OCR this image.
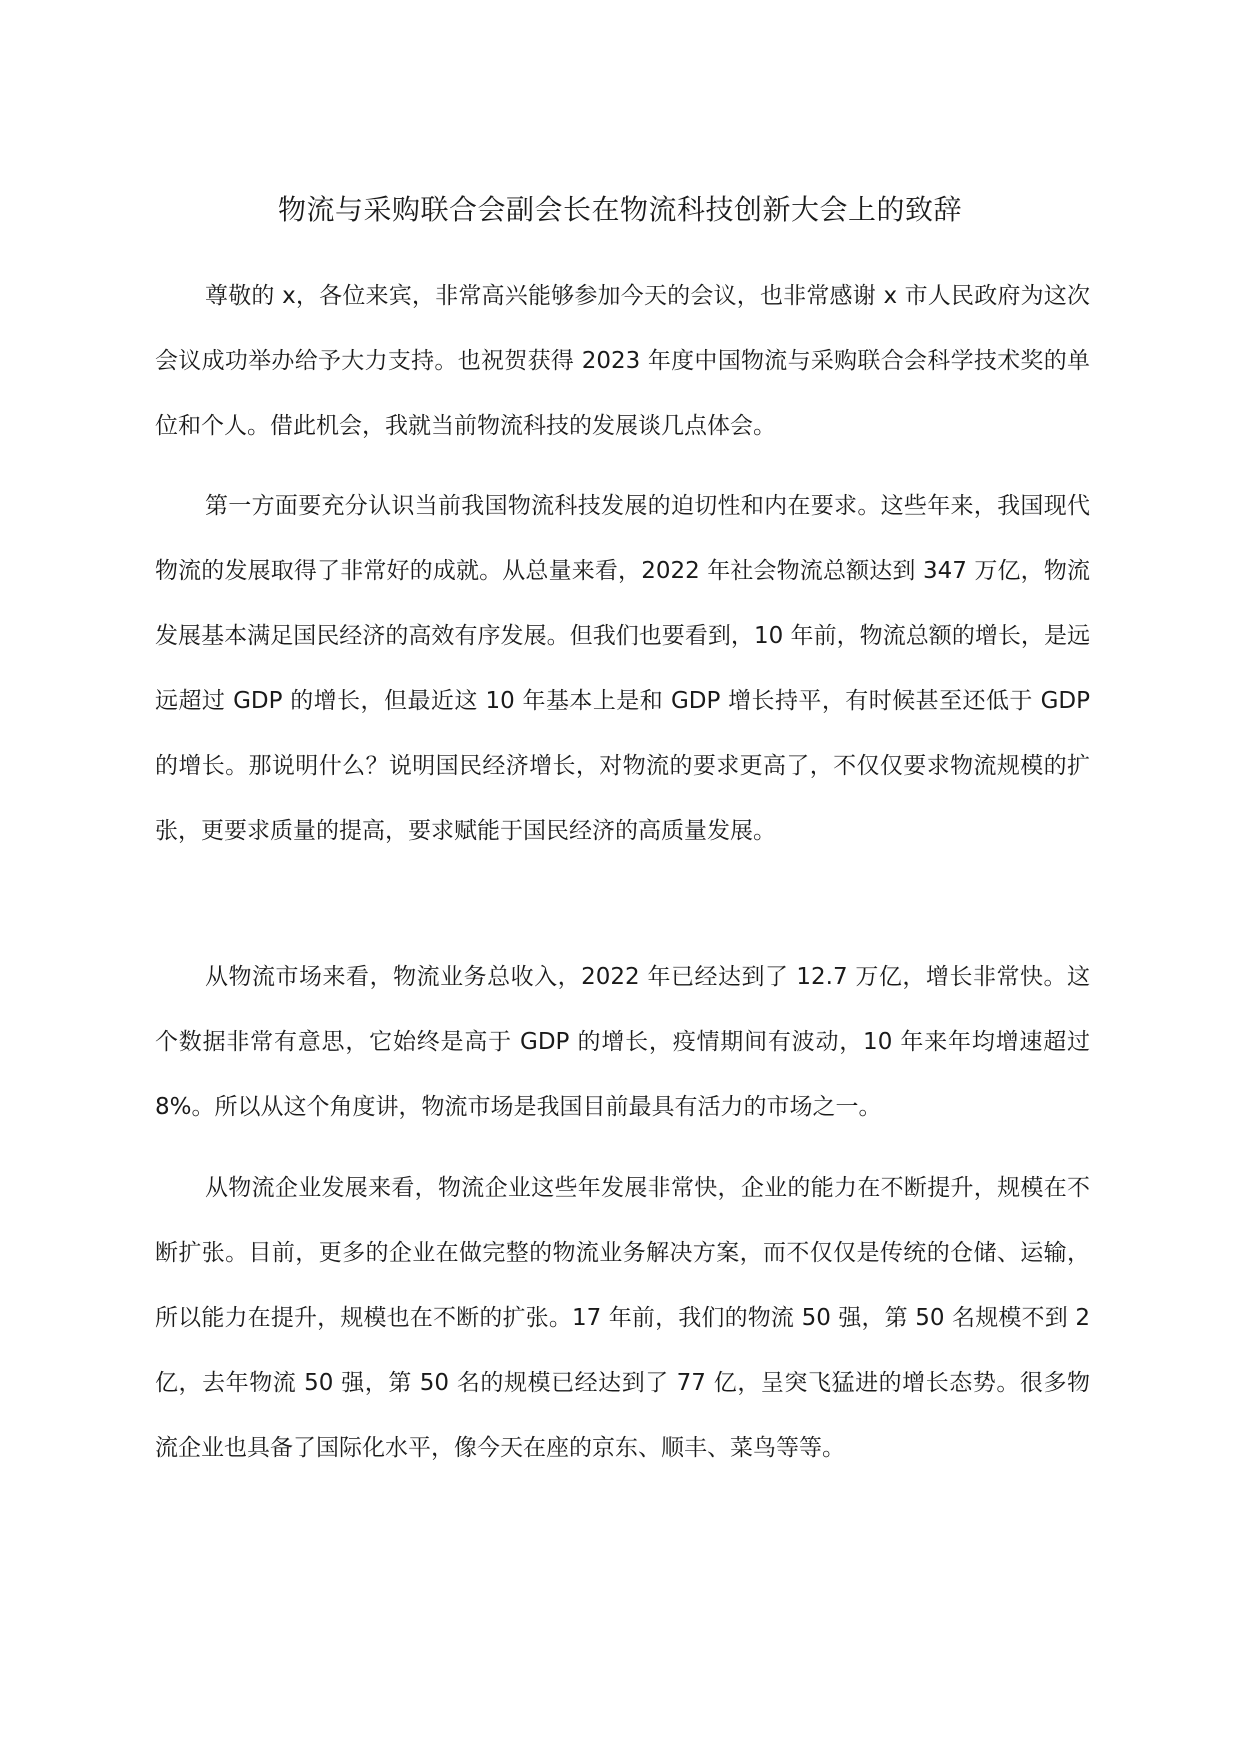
物流与采购联合会副会长在物流科技创新大会上的致辞

尊敬的 x，各位来宾，非常高兴能够参加今天的会议，也非常感谢 x 市人民政府为这次会议成功举办给予大力支持。也祝贺获得 2023 年度中国物流与采购联合会科学技术奖的单位和个人。借此机会，我就当前物流科技的发展谈几点体会。

第一方面要充分认识当前我国物流科技发展的迫切性和内在要求。这些年来，我国现代物流的发展取得了非常好的成就。从总量来看，2022 年社会物流总额达到 347 万亿，物流发展基本满足国民经济的高效有序发展。但我们也要看到，10 年前，物流总额的增长，是远远超过 GDP 的增长，但最近这 10 年基本上是和 GDP 增长持平，有时候甚至还低于 GDP 的增长。那说明什么？说明国民经济增长，对物流的要求更高了，不仅仅要求物流规模的扩张，更要求质量的提高，要求赋能于国民经济的高质量发展。

从物流市场来看，物流业务总收入，2022 年已经达到了 12.7 万亿，增长非常快。这个数据非常有意思，它始终是高于 GDP 的增长，疫情期间有波动，10 年来年均增速超过 8%。所以从这个角度讲，物流市场是我国目前最具有活力的市场之一。

从物流企业发展来看，物流企业这些年发展非常快，企业的能力在不断提升，规模在不断扩张。目前，更多的企业在做完整的物流业务解决方案，而不仅仅是传统的仓储、运输，所以能力在提升，规模也在不断的扩张。17 年前，我们的物流 50 强，第 50 名规模不到 2 亿，去年物流 50 强，第 50 名的规模已经达到了 77 亿，呈突飞猛进的增长态势。很多物流企业也具备了国际化水平，像今天在座的京东、顺丰、菜鸟等等。
